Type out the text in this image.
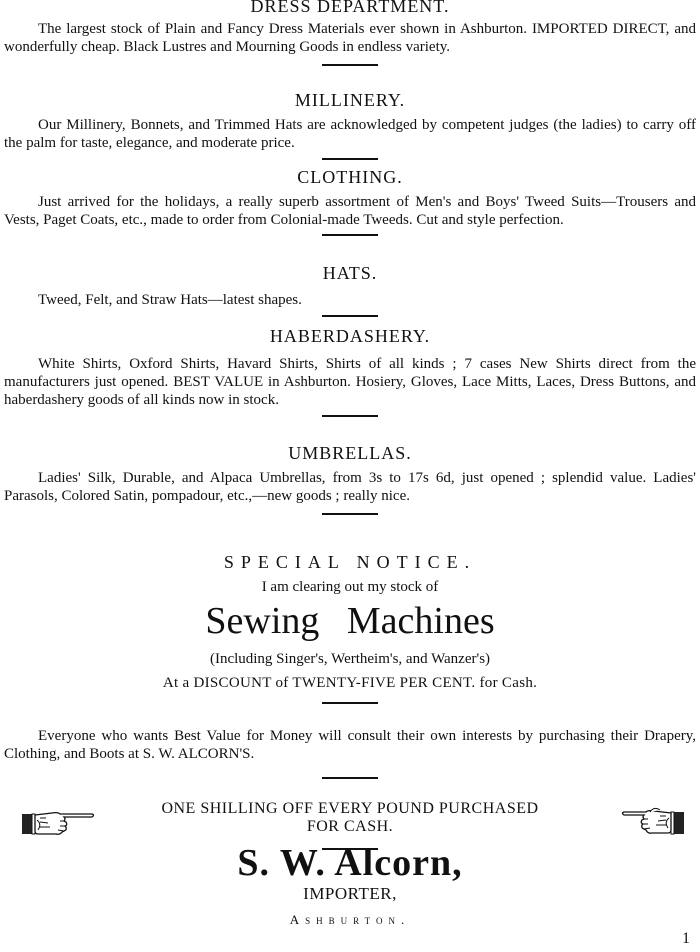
DRESS DEPARTMENT.
The largest stock of Plain and Fancy Dress Materials ever shown in Ashburton. IMPORTED DIRECT, and wonderfully cheap. Black Lustres and Mourning Goods in endless variety.
MILLINERY.
Our Millinery, Bonnets, and Trimmed Hats are acknowledged by competent judges (the ladies) to carry off the palm for taste, elegance, and moderate price.
CLOTHING.
Just arrived for the holidays, a really superb assortment of Men's and Boys' Tweed Suits—Trousers and Vests, Paget Coats, etc., made to order from Colonial-made Tweeds. Cut and style perfection.
HATS.
Tweed, Felt, and Straw Hats—latest shapes.
HABERDASHERY.
White Shirts, Oxford Shirts, Havard Shirts, Shirts of all kinds ; 7 cases New Shirts direct from the manufacturers just opened. BEST VALUE in Ashburton. Hosiery, Gloves, Lace Mitts, Laces, Dress Buttons, and haberdashery goods of all kinds now in stock.
UMBRELLAS.
Ladies' Silk, Durable, and Alpaca Umbrellas, from 3s to 17s 6d, just opened ; splendid value. Ladies' Parasols, Colored Satin, pompadour, etc.,—new goods ; really nice.
SPECIAL NOTICE.
I am clearing out my stock of
Sewing Machines
(Including Singer's, Wertheim's, and Wanzer's)
At a DISCOUNT of TWENTY-FIVE PER CENT. for Cash.
Everyone who wants Best Value for Money will consult their own interests by purchasing their Drapery, Clothing, and Boots at S. W. ALCORN'S.
ONE SHILLING OFF EVERY POUND PURCHASED
FOR CASH.
S. W. Alcorn,
IMPORTER,
Ashburton.
1
